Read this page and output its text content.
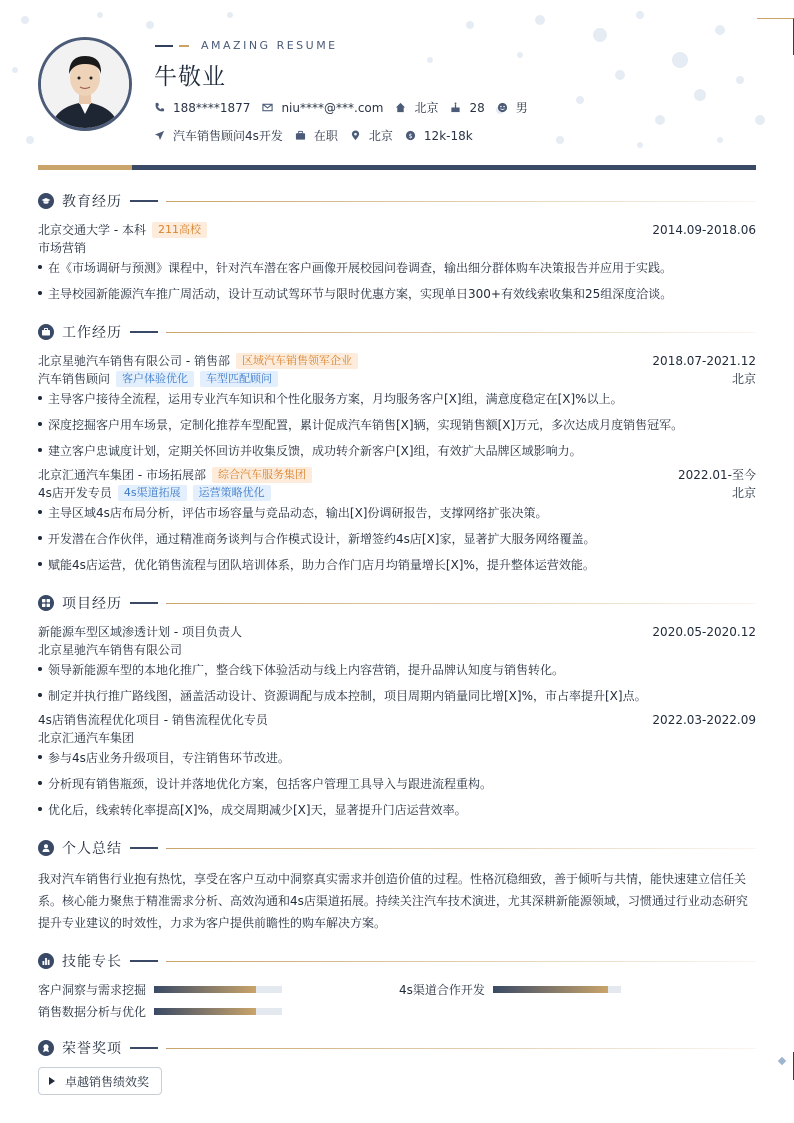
AMAZING RESUME
牛敬业
188****1877	niu****@***.com	北京	28	男
汽车销售顾问4s开发	在职	北京 $ 12k-18k
教育经历
北京交通大学 - 本科	211高校	2014.09-2018.06
市场营销
在《市场调研与预测》课程中，针对汽车潜在客户画像开展校园问卷调查，输出细分群体购车决策报告并应用于实践。
主导校园新能源汽车推广周活动，设计互动试驾环节与限时优惠方案，实现单日300+有效线索收集和25组深度洽谈。
工作经历
北京星驰汽车销售有限公司 - 销售部	区域汽车销售领军企业	2018.07-2021.12
汽车销售顾问	客户体验优化	车型匹配顾问	北京
主导客户接待全流程，运用专业汽车知识和个性化服务方案，月均服务客户[X]组，满意度稳定在[X]%以上。
深度挖掘客户用车场景，定制化推荐车型配置，累计促成汽车销售[X]辆，实现销售额[X]万元，多次达成月度销售冠军。
建立客户忠诚度计划，定期关怀回访并收集反馈，成功转介新客户[X]组，有效扩大品牌区域影响力。
北京汇通汽车集团 - 市场拓展部	综合汽车服务集团	2022.01-至今
4s店开发专员	4s渠道拓展	运营策略优化	北京
主导区域4s店布局分析，评估市场容量与竞品动态，输出[X]份调研报告，支撑网络扩张决策。
开发潜在合作伙伴，通过精准商务谈判与合作模式设计，新增签约4s店[X]家，显著扩大服务网络覆盖。
赋能4s店运营，优化销售流程与团队培训体系，助力合作门店月均销量增长[X]%，提升整体运营效能。
项目经历
新能源车型区域渗透计划 - 项目负责人	2020.05-2020.12
北京星驰汽车销售有限公司
领导新能源车型的本地化推广，整合线下体验活动与线上内容营销，提升品牌认知度与销售转化。
制定并执行推广路线图，涵盖活动设计、资源调配与成本控制，项目周期内销量同比增[X]%，市占率提升[X]点。
4s店销售流程优化项目 - 销售流程优化专员	2022.03-2022.09
北京汇通汽车集团
参与4s店业务升级项目，专注销售环节改进。
分析现有销售瓶颈，设计并落地优化方案，包括客户管理工具导入与跟进流程重构。
优化后，线索转化率提高[X]%，成交周期减少[X]天，显著提升门店运营效率。
个人总结
我对汽车销售行业抱有热忱，享受在客户互动中洞察真实需求并创造价值的过程。性格沉稳细致，善于倾听与共情，能快速建立信任关系。核心能力聚焦于精准需求分析、高效沟通和4s店渠道拓展。持续关注汽车技术演进，尤其深耕新能源领域，习惯通过行业动态研究提升专业建议的时效性，力求为客户提供前瞻性的购车解决方案。
技能专长
客户洞察与需求挖掘	4s渠道合作开发
销售数据分析与优化
荣誉奖项
卓越销售绩效奖
